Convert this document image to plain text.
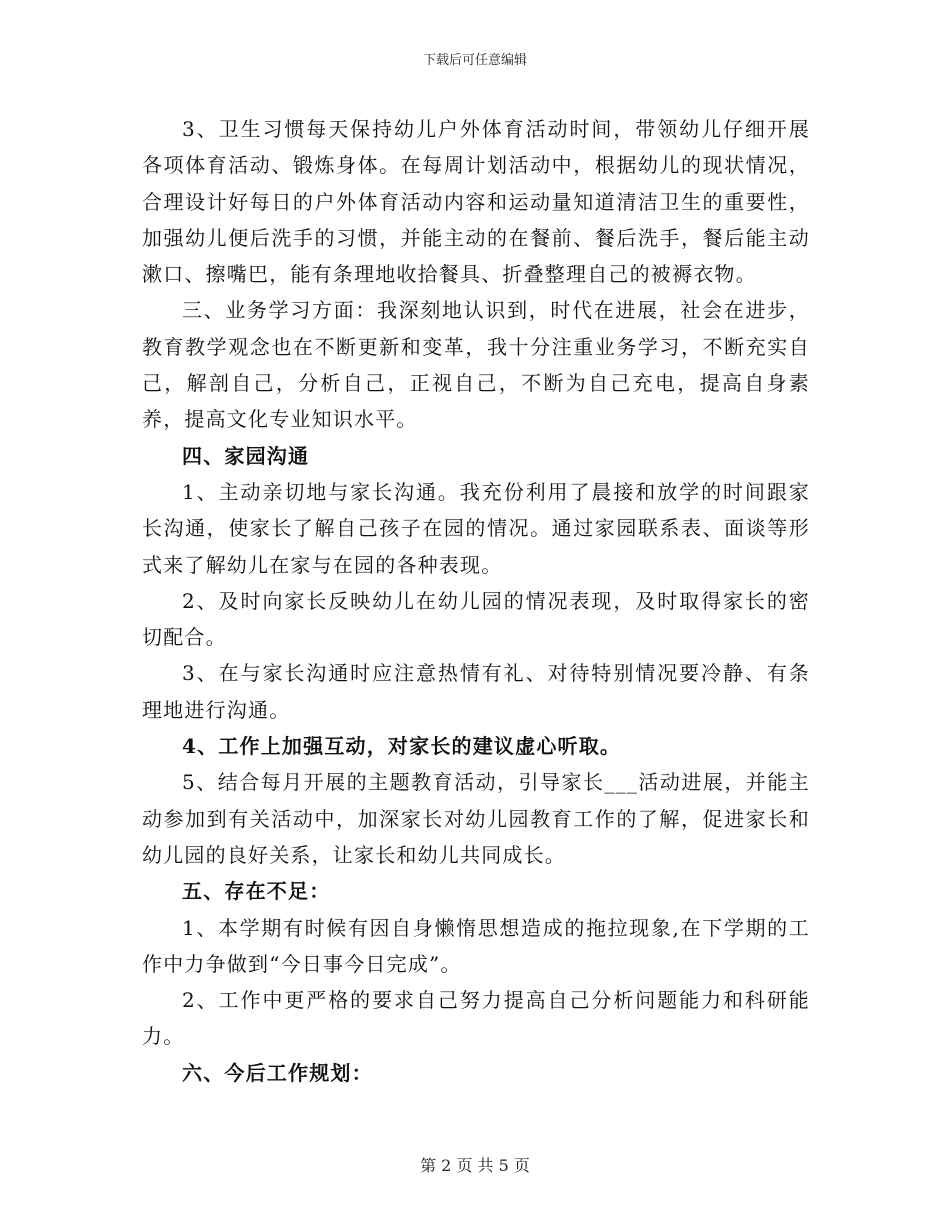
下载后可任意编辑

3、卫生习惯每天保持幼儿户外体育活动时间，带领幼儿仔细开展各项体育活动、锻炼身体。在每周计划活动中，根据幼儿的现状情况，合理设计好每日的户外体育活动内容和运动量知道清洁卫生的重要性，加强幼儿便后洗手的习惯，并能主动的在餐前、餐后洗手，餐后能主动漱口、擦嘴巴，能有条理地收拾餐具、折叠整理自己的被褥衣物。

三、业务学习方面：我深刻地认识到，时代在进展，社会在进步，教育教学观念也在不断更新和变革，我十分注重业务学习，不断充实自己，解剖自己，分析自己，正视自己，不断为自己充电，提高自身素养，提高文化专业知识水平。

四、家园沟通

1、主动亲切地与家长沟通。我充份利用了晨接和放学的时间跟家长沟通，使家长了解自己孩子在园的情况。通过家园联系表、面谈等形式来了解幼儿在家与在园的各种表现。

2、及时向家长反映幼儿在幼儿园的情况表现，及时取得家长的密切配合。

3、在与家长沟通时应注意热情有礼、对待特别情况要冷静、有条理地进行沟通。

4、工作上加强互动，对家长的建议虚心听取。

5、结合每月开展的主题教育活动，引导家长___活动进展，并能主动参加到有关活动中，加深家长对幼儿园教育工作的了解，促进家长和幼儿园的良好关系，让家长和幼儿共同成长。

五、存在不足：

1、本学期有时候有因自身懒惰思想造成的拖拉现象,在下学期的工作中力争做到“今日事今日完成”。

2、工作中更严格的要求自己努力提高自己分析问题能力和科研能力。

六、今后工作规划：

第 2 页 共 5 页
